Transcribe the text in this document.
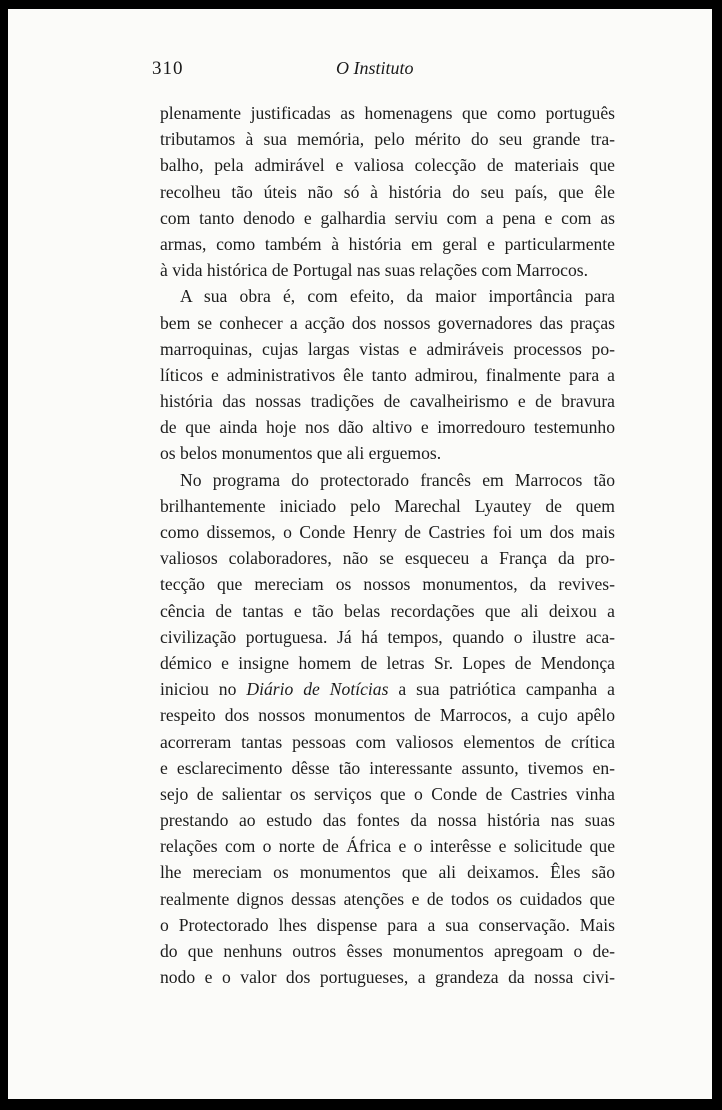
310	O Instituto
plenamente justificadas as homenagens que como português
tributamos à sua memória, pelo mérito do seu grande tra-
balho, pela admirável e valiosa colecção de materiais que
recolheu tão úteis não só à história do seu país, que êle
com tanto denodo e galhardia serviu com a pena e com as
armas, como também à história em geral e particularmente
à vida histórica de Portugal nas suas relações com Marrocos.
A sua obra é, com efeito, da maior importância para
bem se conhecer a acção dos nossos governadores das praças
marroquinas, cujas largas vistas e admiráveis processos po-
líticos e administrativos êle tanto admirou, finalmente para a
história das nossas tradições de cavalheirismo e de bravura
de que ainda hoje nos dão altivo e imorredouro testemunho
os belos monumentos que ali erguemos.
No programa do protectorado francês em Marrocos tão
brilhantemente iniciado pelo Marechal Lyautey de quem
como dissemos, o Conde Henry de Castries foi um dos mais
valiosos colaboradores, não se esqueceu a França da pro-
tecção que mereciam os nossos monumentos, da revives-
cência de tantas e tão belas recordações que ali deixou a
civilização portuguesa. Já há tempos, quando o ilustre aca-
démico e insigne homem de letras Sr. Lopes de Mendonça
iniciou no Diário de Notícias a sua patriótica campanha a
respeito dos nossos monumentos de Marrocos, a cujo apêlo
acorreram tantas pessoas com valiosos elementos de crítica
e esclarecimento dêsse tão interessante assunto, tivemos en-
sejo de salientar os serviços que o Conde de Castries vinha
prestando ao estudo das fontes da nossa história nas suas
relações com o norte de África e o interêsse e solicitude que
lhe mereciam os monumentos que ali deixamos. Êles são
realmente dignos dessas atenções e de todos os cuidados que
o Protectorado lhes dispense para a sua conservação. Mais
do que nenhuns outros êsses monumentos apregoam o de-
nodo e o valor dos portugueses, a grandeza da nossa civi-
